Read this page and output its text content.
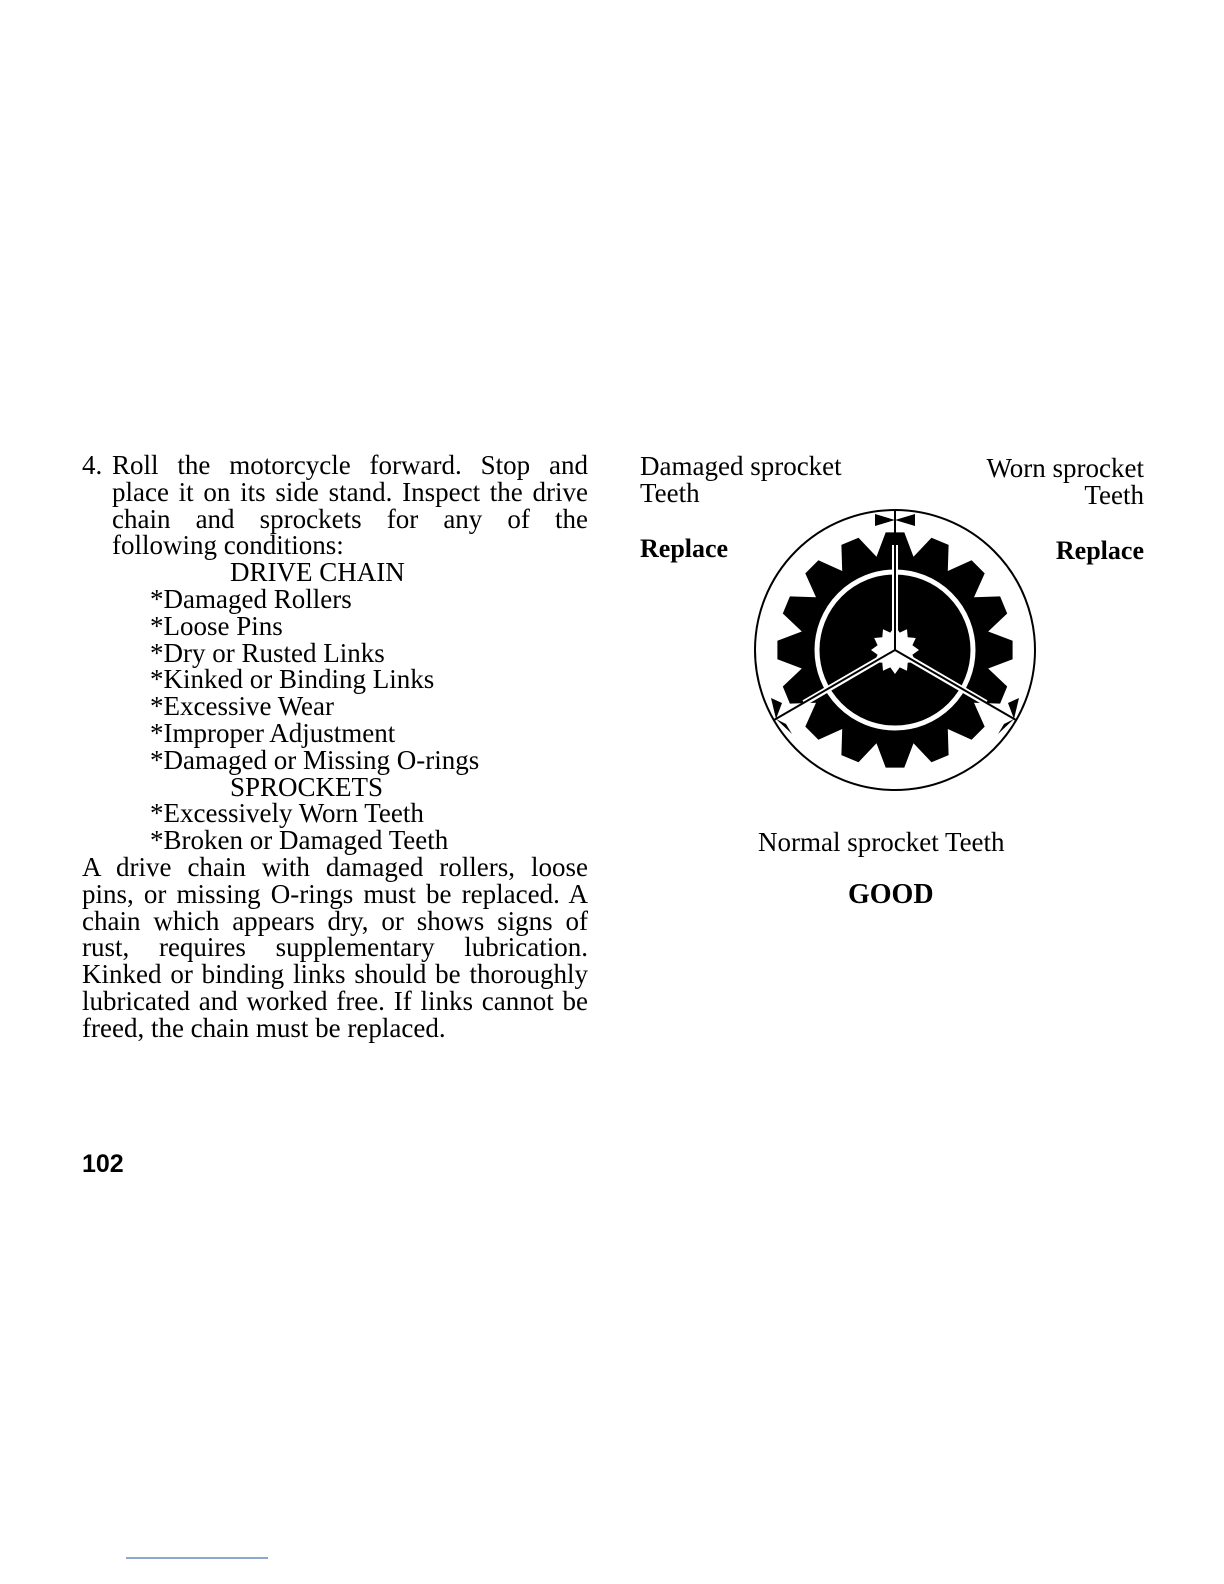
4. Roll the motorcycle forward. Stop and place it on its side stand. Inspect the drive chain and sprockets for any of the following conditions:
DRIVE CHAIN
*Damaged Rollers
*Loose Pins
*Dry or Rusted Links
*Kinked or Binding Links
*Excessive Wear
*Improper Adjustment
*Damaged or Missing O-rings
SPROCKETS
*Excessively Worn Teeth
*Broken or Damaged Teeth
A drive chain with damaged rollers, loose pins, or missing O-rings must be replaced. A chain which appears dry, or shows signs of rust, requires supplementary lubrication. Kinked or binding links should be thoroughly lubricated and worked free. If links cannot be freed, the chain must be replaced.
Damaged sprocket
Teeth
Worn sprocket
Teeth
Replace	Replace
Normal sprocket Teeth
GOOD
102
